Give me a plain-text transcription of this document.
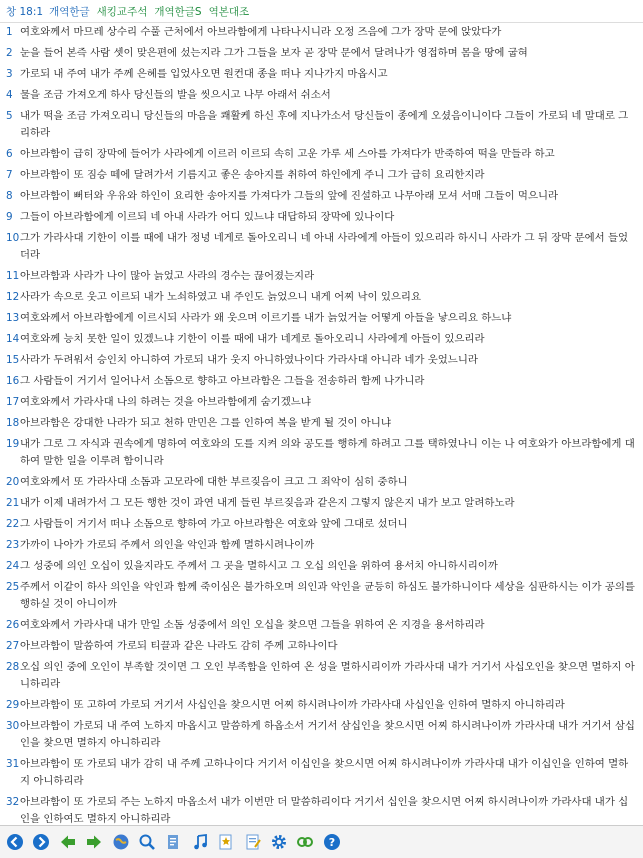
창 18:1 개역한글 새킹교주석 개역한글S 역본대조
1 여호와께서 마므레 상수리 수풀 근처에서 아브라함에게 나타나시니라 오정 즈음에 그가 장막 문에 앉았다가
2 눈을 들어 본즉 사람 셋이 맞은편에 섰는지라 그가 그들을 보자 곧 장막 문에서 달려나가 영접하며 몸을 땅에 굽혀
3 가로되 내 주여 내가 주께 은혜를 입었사오면 원컨대 종을 떠나 지나가지 마옵시고
4 물을 조금 가져오게 하사 당신들의 발을 씻으시고 나무 아래서 쉬소서
5 내가 떡을 조금 가져오리니 당신들의 마음을 쾌활케 하신 후에 지나가소서 당신들이 종에게 오셨음이니이다 그들이 가로되 네 말대로 그리하라
6 아브라함이 급히 장막에 들어가 사라에게 이르러 이르되 속히 고운 가루 세 스아를 가져다가 반죽하여 떡을 만들라 하고
7 아브라함이 또 짐승 떼에 달려가서 기름지고 좋은 송아지를 취하여 하인에게 주니 그가 급히 요리한지라
8 아브라함이 뻐터와 우유와 하인이 요리한 송아지를 가져다가 그들의 앞에 진설하고 나무아래 모셔 서매 그들이 먹으니라
9 그들이 아브라함에게 이르되 네 아내 사라가 어디 있느냐 대답하되 장막에 있나이다
10 그가 가라사대 기한이 이를 때에 내가 정녕 네게로 돌아오리니 네 아내 사라에게 아들이 있으리라 하시니 사라가 그 뒤 장막 문에서 들었더라
11 아브라함과 사라가 나이 많아 늙었고 사라의 경수는 끊어졌는지라
12 사라가 속으로 웃고 이르되 내가 노쇠하였고 내 주인도 늙었으니 내게 어찌 낙이 있으리요
13 여호와께서 아브라함에게 이르시되 사라가 왜 웃으며 이르기를 내가 늙었거늘 어떻게 아들을 낳으리요 하느냐
14 여호와께 능치 못한 일이 있겠느냐 기한이 이를 때에 내가 네게로 돌아오리니 사라에게 아들이 있으리라
15 사라가 두려워서 승인치 아니하여 가로되 내가 웃지 아니하였나이다 가라사대 아니라 네가 웃었느니라
16 그 사람들이 거기서 일어나서 소돔으로 향하고 아브라함은 그들을 전송하러 함께 나가니라
17 여호와께서 가라사대 나의 하려는 것을 아브라함에게 숨기겠느냐
18 아브라함은 강대한 나라가 되고 천하 만민은 그를 인하여 복을 받게 될 것이 아니냐
19 내가 그로 그 자식과 권속에게 명하여 여호와의 도를 지켜 의와 공도를 행하게 하려고 그를 택하였나니 이는 나 여호와가 아브라함에게 대하여 말한 일을 이루려 함이니라
20 여호와께서 또 가라사대 소돔과 고모라에 대한 부르짖음이 크고 그 죄악이 심히 중하니
21 내가 이제 내려가서 그 모든 행한 것이 과연 내게 들린 부르짖음과 같은지 그렇지 않은지 내가 보고 알려하노라
22 그 사람들이 거기서 떠나 소돔으로 향하여 가고 아브라함은 여호와 앞에 그대로 섰더니
23 가까이 나아가 가로되 주께서 의인을 악인과 함께 멸하시려나이까
24 그 성중에 의인 오십이 있을지라도 주께서 그 곳을 멸하시고 그 오십 의인을 위하여 용서치 아니하시리이까
25 주께서 이같이 하사 의인을 악인과 함께 죽이심은 불가하오며 의인과 악인을 균등히 하심도 불가하니이다 세상을 심판하시는 이가 공의를 행하실 것이 아니이까
26 여호와께서 가라사대 내가 만일 소돔 성중에서 의인 오십을 찾으면 그들을 위하여 온 지경을 용서하리라
27 아브라함이 말씀하여 가로되 티끌과 같은 나라도 감히 주께 고하나이다
28 오십 의인 중에 오인이 부족할 것이면 그 오인 부족함을 인하여 온 성을 멸하시리이까 가라사대 내가 거기서 사십오인을 찾으면 멸하지 아니하리라
29 아브라함이 또 고하여 가로되 거기서 사십인을 찾으시면 어찌 하시려나이까 가라사대 사십인을 인하여 멸하지 아니하리라
30 아브라함이 가로되 내 주여 노하지 마옵시고 말씀하게 하옵소서 거기서 삼십인을 찾으시면 어찌 하시려나이까 가라사대 내가 거기서 삼십인을 찾으면 멸하지 아니하리라
31 아브라함이 또 가로되 내가 감히 내 주께 고하나이다 거기서 이십인을 찾으시면 어찌 하시려나이까 가라사대 내가 이십인을 인하여 멸하지 아니하리라
32 아브라함이 또 가로되 주는 노하지 마옵소서 내가 이번만 더 말씀하리이다 거기서 십인을 찾으시면 어찌 하시려나이까 가라사대 내가 십인을 인하여도 멸하지 아니하리라
?
